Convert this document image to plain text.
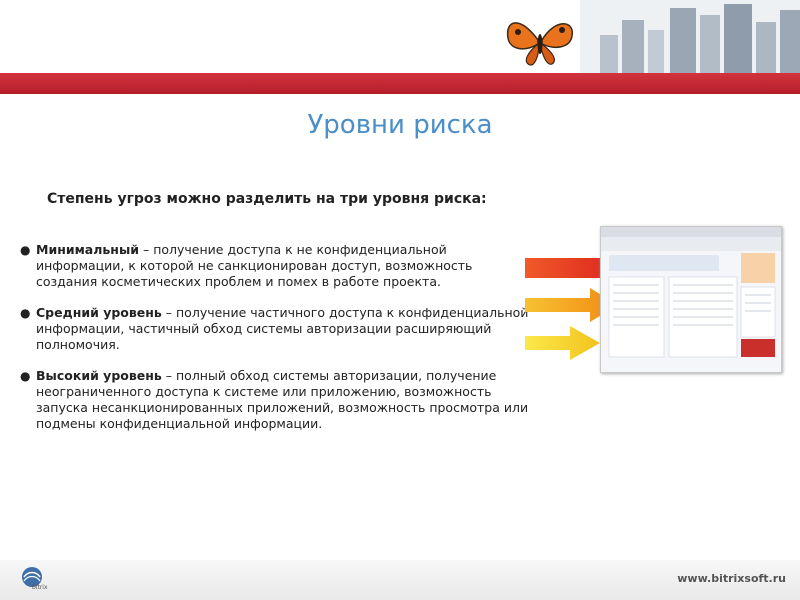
Уровни риска
Степень угроз можно разделить на три уровня риска:
● Минимальный – получение доступа к не конфиденциальной информации, к которой не санкционирован доступ, возможность создания косметических проблем и помех в работе проекта.
● Средний уровень – получение частичного доступа к конфиденциальной информации, частичный обход системы авторизации расширяющий полномочия.
● Высокий уровень – полный обход системы авторизации, получение неограниченного доступа к системе или приложению, возможность запуска несанкционированных приложений, возможность просмотра или подмены конфиденциальной информации.
bitrix
www.bitrixsoft.ru
